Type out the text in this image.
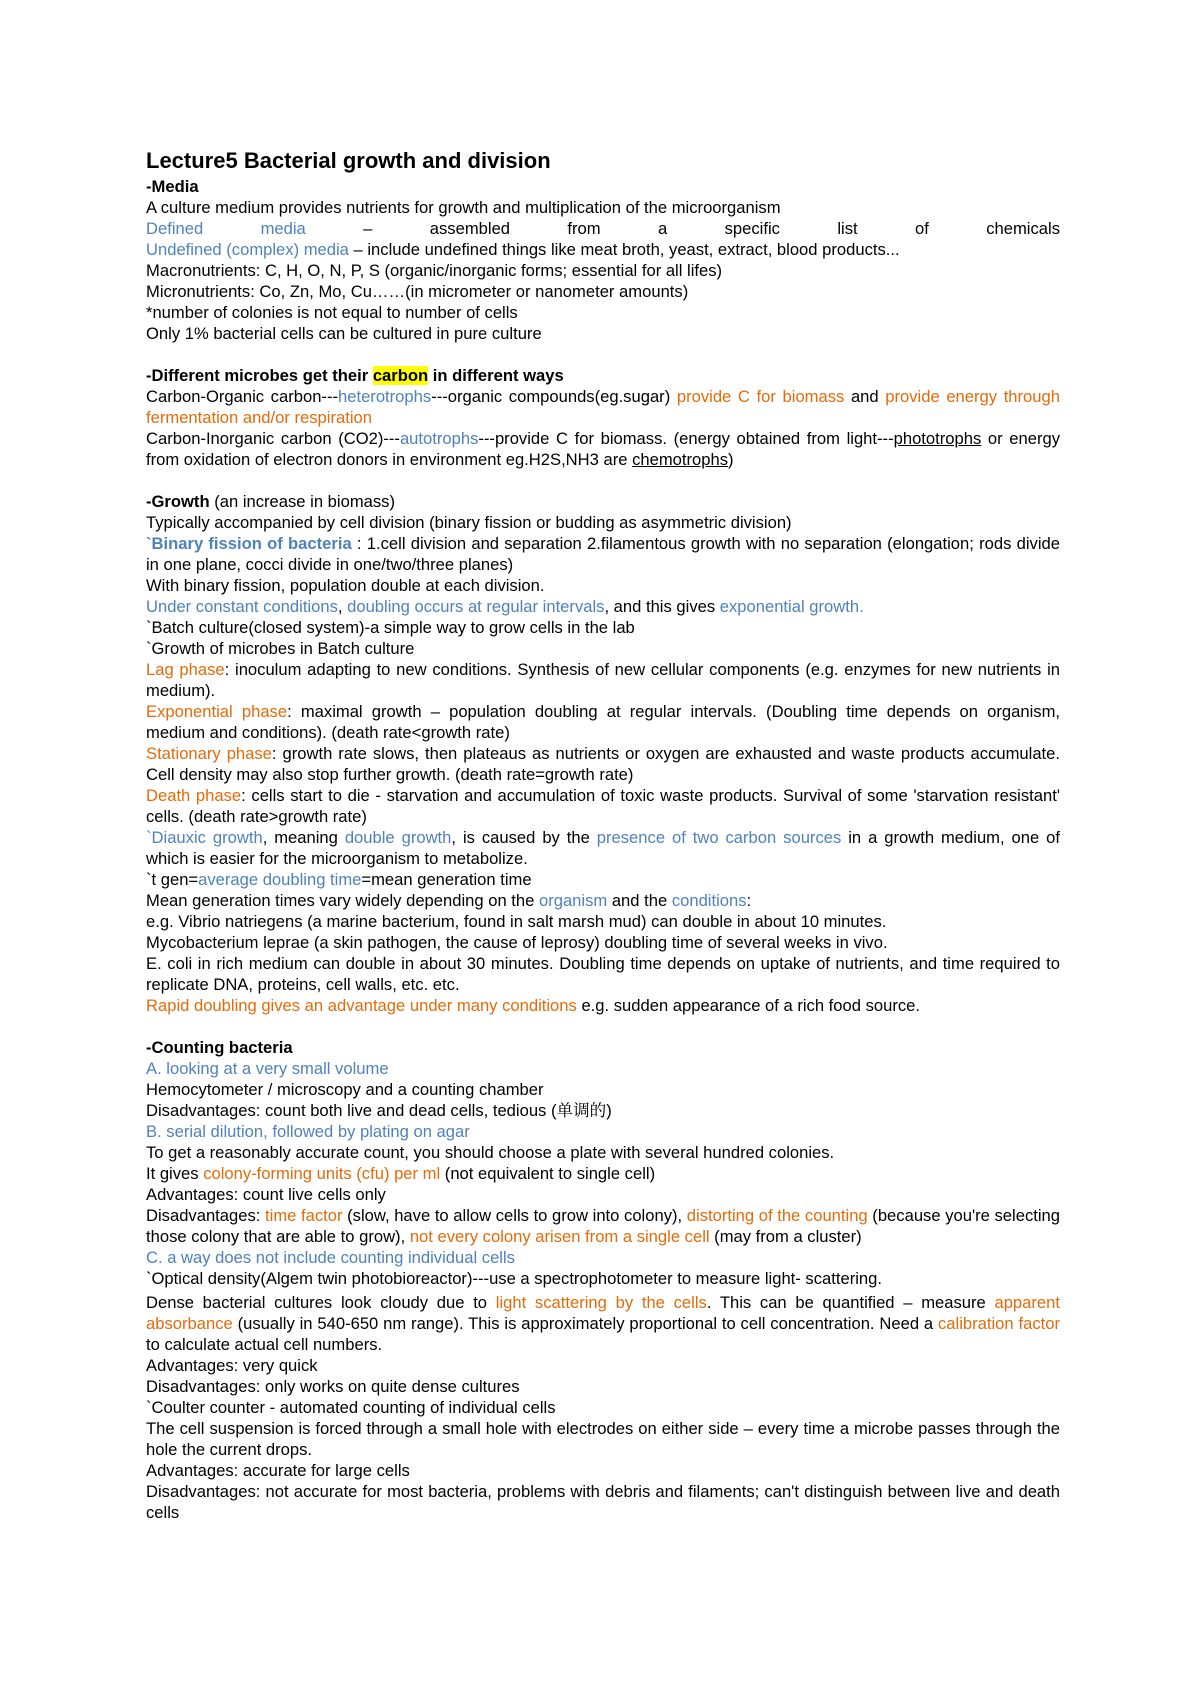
Lecture5 Bacterial growth and division

-Media

A culture medium provides nutrients for growth and multiplication of the microorganism

Defined media – assembled from a specific list of chemicals

Undefined (complex) media – include undefined things like meat broth, yeast, extract, blood products...

Macronutrients: C, H, O, N, P, S (organic/inorganic forms; essential for all lifes)

Micronutrients: Co, Zn, Mo, Cu……(in micrometer or nanometer amounts)

*number of colonies is not equal to number of cells

Only 1% bacterial cells can be cultured in pure culture

-Different microbes get their carbon in different ways

Carbon-Organic carbon---heterotrophs---organic compounds(eg.sugar) provide C for biomass and provide energy through fermentation and/or respiration

Carbon-Inorganic carbon (CO2)---autotrophs---provide C for biomass. (energy obtained from light---phototrophs or energy from oxidation of electron donors in environment eg.H2S,NH3 are chemotrophs)

-Growth (an increase in biomass)

Typically accompanied by cell division (binary fission or budding as asymmetric division)

`Binary fission of bacteria : 1.cell division and separation 2.filamentous growth with no separation (elongation; rods divide in one plane, cocci divide in one/two/three planes)

With binary fission, population double at each division.

Under constant conditions, doubling occurs at regular intervals, and this gives exponential growth.

`Batch culture(closed system)-a simple way to grow cells in the lab

`Growth of microbes in Batch culture

Lag phase: inoculum adapting to new conditions. Synthesis of new cellular components (e.g. enzymes for new nutrients in medium).

Exponential phase: maximal growth – population doubling at regular intervals. (Doubling time depends on organism, medium and conditions). (death rate<growth rate)

Stationary phase: growth rate slows, then plateaus as nutrients or oxygen are exhausted and waste products accumulate. Cell density may also stop further growth. (death rate=growth rate)

Death phase: cells start to die - starvation and accumulation of toxic waste products. Survival of some 'starvation resistant' cells. (death rate>growth rate)

`Diauxic growth, meaning double growth, is caused by the presence of two carbon sources in a growth medium, one of which is easier for the microorganism to metabolize.

`t gen=average doubling time=mean generation time

Mean generation times vary widely depending on the organism and the conditions:

e.g. Vibrio natriegens (a marine bacterium, found in salt marsh mud) can double in about 10 minutes.

Mycobacterium leprae (a skin pathogen, the cause of leprosy) doubling time of several weeks in vivo.

E. coli in rich medium can double in about 30 minutes. Doubling time depends on uptake of nutrients, and time required to replicate DNA, proteins, cell walls, etc. etc.

Rapid doubling gives an advantage under many conditions e.g. sudden appearance of a rich food source.

-Counting bacteria

A. looking at a very small volume

Hemocytometer / microscopy and a counting chamber

Disadvantages: count both live and dead cells, tedious (单调的)

B. serial dilution, followed by plating on agar

To get a reasonably accurate count, you should choose a plate with several hundred colonies.

It gives colony-forming units (cfu) per ml (not equivalent to single cell)

Advantages: count live cells only

Disadvantages: time factor (slow, have to allow cells to grow into colony), distorting of the counting (because you're selecting those colony that are able to grow), not every colony arisen from a single cell (may from a cluster)

C. a way does not include counting individual cells

`Optical density(Algem twin photobioreactor)---use a spectrophotometer to measure light- scattering.

Dense bacterial cultures look cloudy due to light scattering by the cells. This can be quantified – measure apparent absorbance (usually in 540-650 nm range). This is approximately proportional to cell concentration. Need a calibration factor to calculate actual cell numbers.

Advantages: very quick

Disadvantages: only works on quite dense cultures

`Coulter counter - automated counting of individual cells

The cell suspension is forced through a small hole with electrodes on either side – every time a microbe passes through the hole the current drops.

Advantages: accurate for large cells

Disadvantages: not accurate for most bacteria, problems with debris and filaments; can't distinguish between live and death cells
